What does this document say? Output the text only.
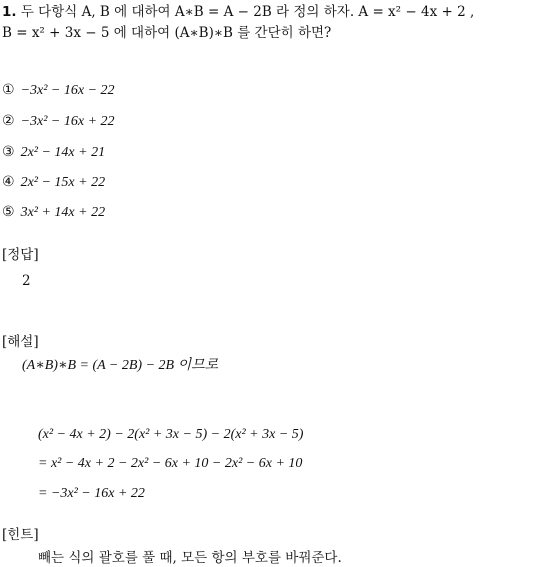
1. 두 다항식 A, B 에 대하여 A∗B = A − 2B 라 정의 하자. A = x² − 4x + 2 ,
B = x² + 3x − 5 에 대하여 (A∗B)∗B 를 간단히 하면?
① −3x² − 16x − 22
② −3x² − 16x + 22
③ 2x² − 14x + 21
④ 2x² − 15x + 22
⑤ 3x² + 14x + 22
[정답]
2
[해설]
(A∗B)∗B = (A − 2B) − 2B 이므로
(x² − 4x + 2) − 2(x² + 3x − 5) − 2(x² + 3x − 5)
= x² − 4x + 2 − 2x² − 6x + 10 − 2x² − 6x + 10
= −3x² − 16x + 22
[힌트]
빼는 식의 괄호를 풀 때, 모든 항의 부호를 바꿔준다.
